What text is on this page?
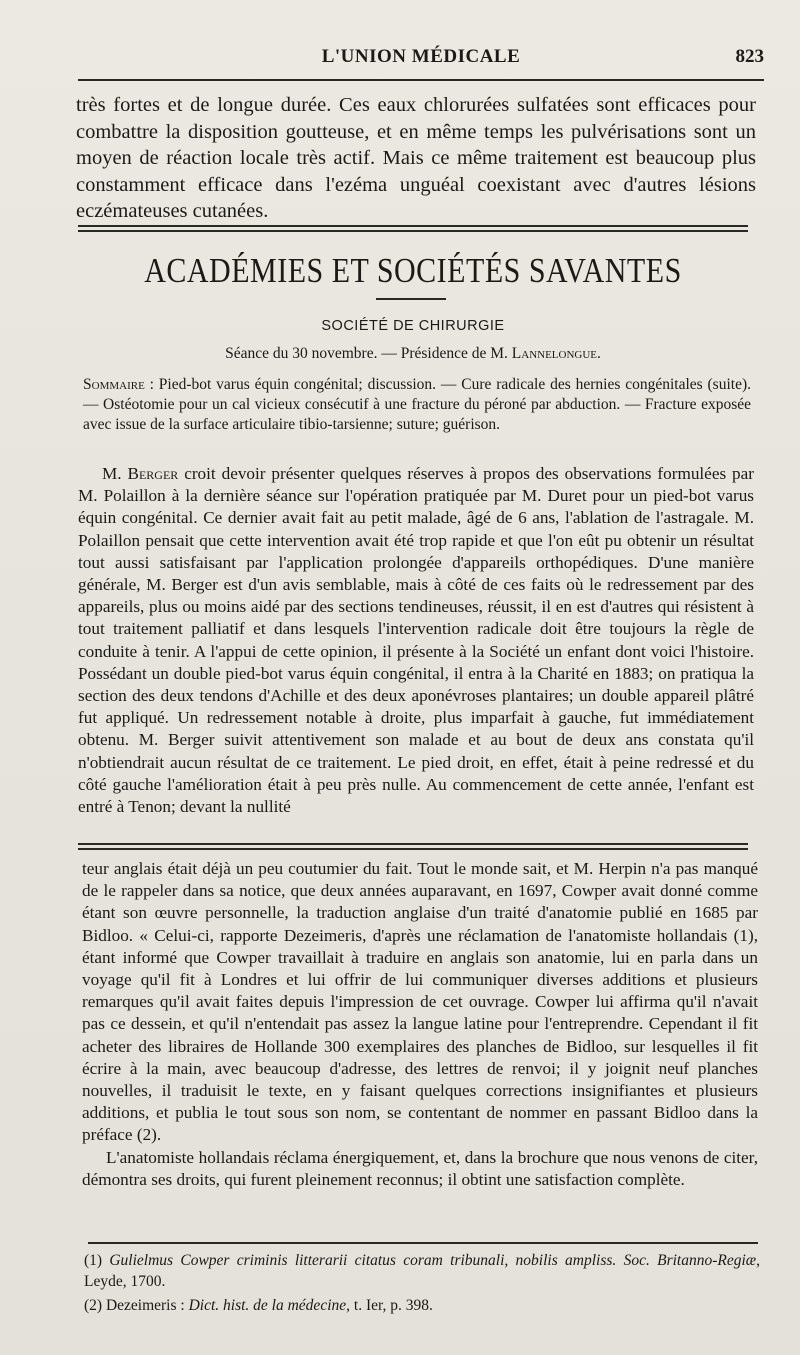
L'UNION MÉDICALE	823

très fortes et de longue durée. Ces eaux chlorurées sulfatées sont efficaces pour combattre la disposition goutteuse, et en même temps les pulvérisations sont un moyen de réaction locale très actif. Mais ce même traitement est beaucoup plus constamment efficace dans l'ezéma unguéal coexistant avec d'autres lésions eczémateuses cutanées.

ACADÉMIES ET SOCIÉTÉS SAVANTES
SOCIÉTÉ DE CHIRURGIE
Séance du 30 novembre. — Présidence de M. Lannelongue.
Sommaire : Pied-bot varus équin congénital; discussion. — Cure radicale des hernies congénitales (suite). — Ostéotomie pour un cal vicieux consécutif à une fracture du péroné par abduction. — Fracture exposée avec issue de la surface articulaire tibio-tarsienne; suture; guérison.

M. Berger croit devoir présenter quelques réserves à propos des observations formulées par M. Polaillon à la dernière séance sur l'opération pratiquée par M. Duret pour un pied-bot varus équin congénital. Ce dernier avait fait au petit malade, âgé de 6 ans, l'ablation de l'astragale. M. Polaillon pensait que cette intervention avait été trop rapide et que l'on eût pu obtenir un résultat tout aussi satisfaisant par l'application prolongée d'appareils orthopédiques. D'une manière générale, M. Berger est d'un avis semblable, mais à côté de ces faits où le redressement par des appareils, plus ou moins aidé par des sections tendineuses, réussit, il en est d'autres qui résistent à tout traitement palliatif et dans lesquels l'intervention radicale doit être toujours la règle de conduite à tenir. A l'appui de cette opinion, il présente à la Société un enfant dont voici l'histoire. Possédant un double pied-bot varus équin congénital, il entra à la Charité en 1883; on pratiqua la section des deux tendons d'Achille et des deux aponévroses plantaires; un double appareil plâtré fut appliqué. Un redressement notable à droite, plus imparfait à gauche, fut immédiatement obtenu. M. Berger suivit attentivement son malade et au bout de deux ans constata qu'il n'obtiendrait aucun résultat de ce traitement. Le pied droit, en effet, était à peine redressé et du côté gauche l'amélioration était à peu près nulle. Au commencement de cette année, l'enfant est entré à Tenon; devant la nullité

teur anglais était déjà un peu coutumier du fait. Tout le monde sait, et M. Herpin n'a pas manqué de le rappeler dans sa notice, que deux années auparavant, en 1697, Cowper avait donné comme étant son œuvre personnelle, la traduction anglaise d'un traité d'anatomie publié en 1685 par Bidloo. « Celui-ci, rapporte Dezeimeris, d'après une réclamation de l'anatomiste hollandais (1), étant informé que Cowper travaillait à traduire en anglais son anatomie, lui en parla dans un voyage qu'il fit à Londres et lui offrir de lui communiquer diverses additions et plusieurs remarques qu'il avait faites depuis l'impression de cet ouvrage. Cowper lui affirma qu'il n'avait pas ce dessein, et qu'il n'entendait pas assez la langue latine pour l'entreprendre. Cependant il fit acheter des libraires de Hollande 300 exemplaires des planches de Bidloo, sur lesquelles il fit écrire à la main, avec beaucoup d'adresse, des lettres de renvoi; il y joignit neuf planches nouvelles, il traduisit le texte, en y faisant quelques corrections insignifiantes et plusieurs additions, et publia le tout sous son nom, se contentant de nommer en passant Bidloo dans la préface (2).

L'anatomiste hollandais réclama énergiquement, et, dans la brochure que nous venons de citer, démontra ses droits, qui furent pleinement reconnus; il obtint une satisfaction complète.

(1) Gulielmus Cowper criminis litterarii citatus coram tribunali, nobilis ampliss. Soc. Britanno-Regiæ, Leyde, 1700.

(2) Dezeimeris : Dict. hist. de la médecine, t. Ier, p. 398.
